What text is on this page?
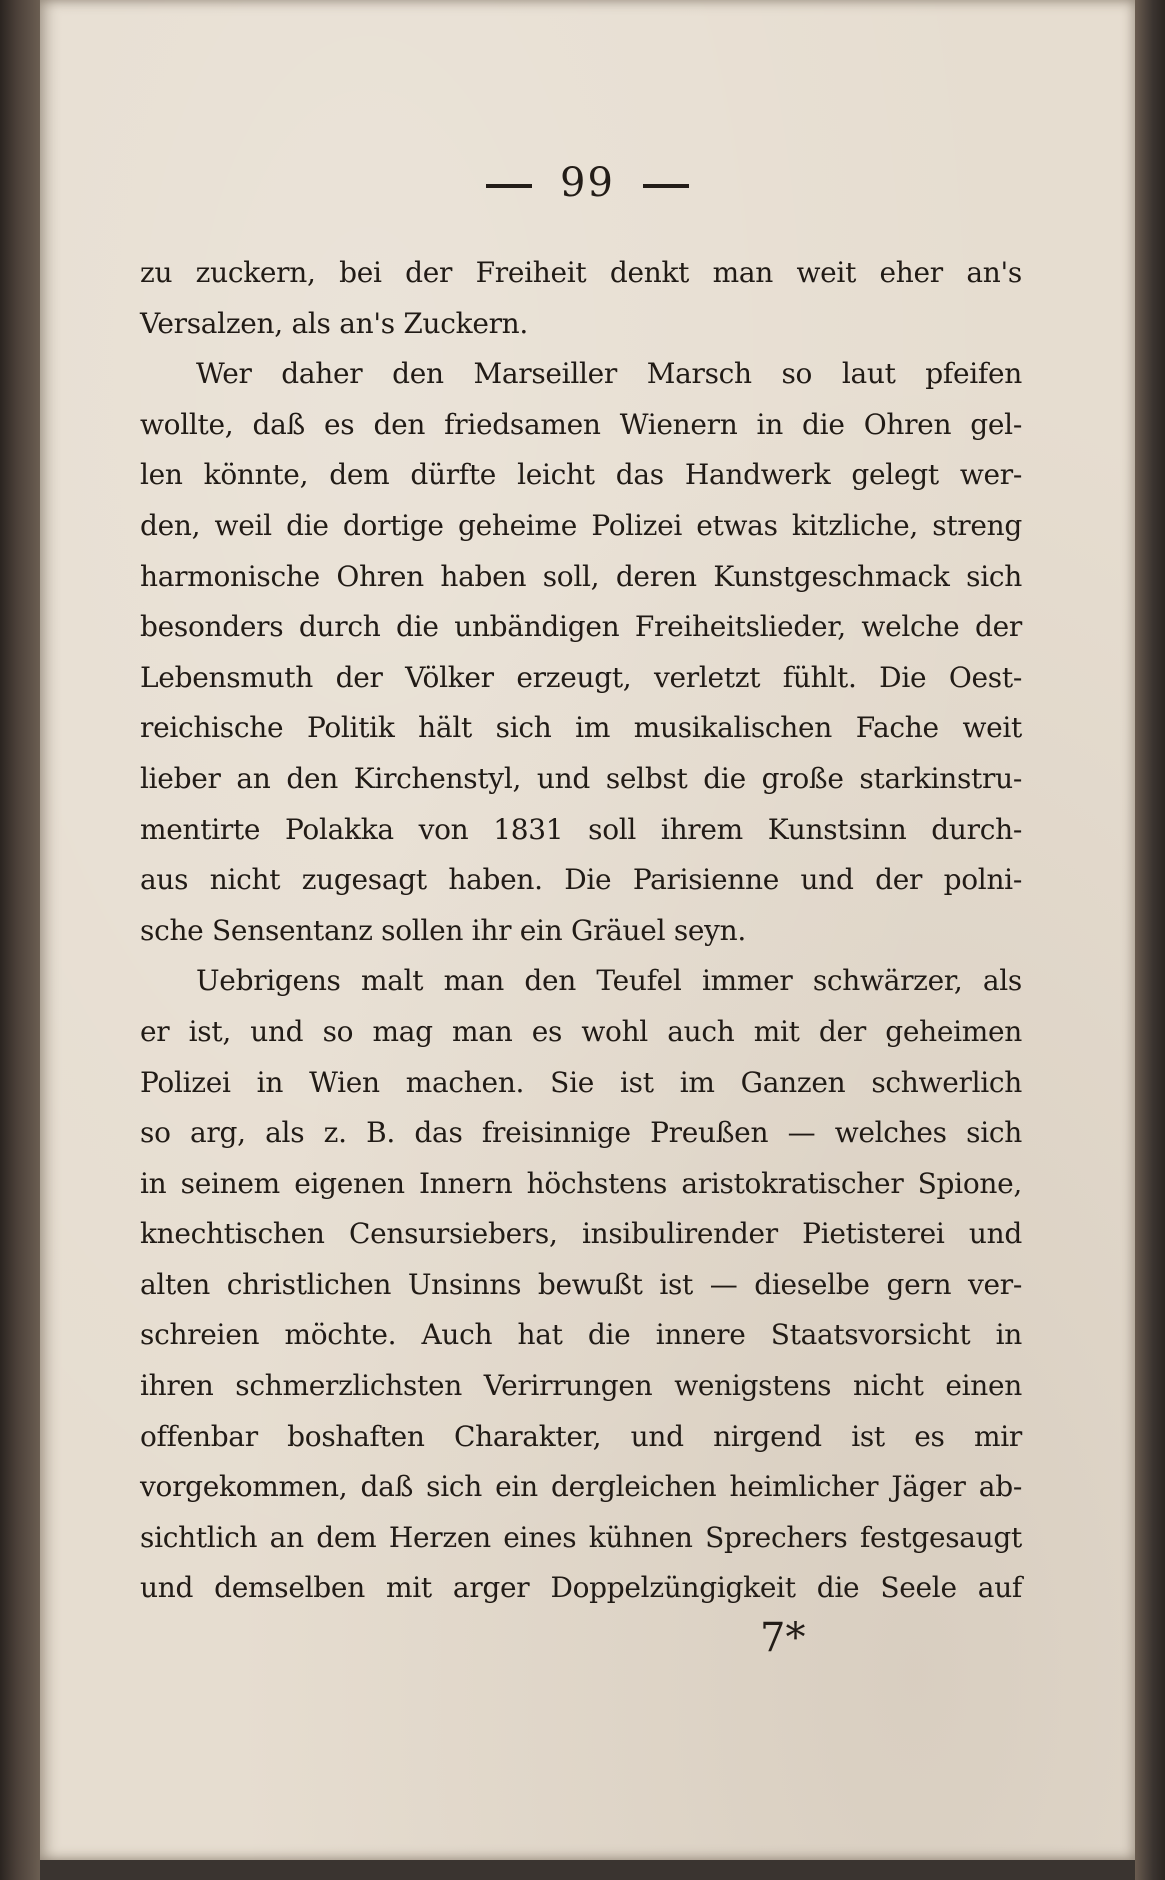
99
zu zuckern, bei der Freiheit denkt man weit eher an's
Versalzen, als an's Zuckern.
Wer daher den Marseiller Marsch so laut pfeifen
wollte, daß es den friedsamen Wienern in die Ohren gel-
len könnte, dem dürfte leicht das Handwerk gelegt wer-
den, weil die dortige geheime Polizei etwas kitzliche, streng
harmonische Ohren haben soll, deren Kunstgeschmack sich
besonders durch die unbändigen Freiheitslieder, welche der
Lebensmuth der Völker erzeugt, verletzt fühlt. Die Oest-
reichische Politik hält sich im musikalischen Fache weit
lieber an den Kirchenstyl, und selbst die große starkinstru-
mentirte Polakka von 1831 soll ihrem Kunstsinn durch-
aus nicht zugesagt haben. Die Parisienne und der polni-
sche Sensentanz sollen ihr ein Gräuel seyn.
Uebrigens malt man den Teufel immer schwärzer, als
er ist, und so mag man es wohl auch mit der geheimen
Polizei in Wien machen. Sie ist im Ganzen schwerlich
so arg, als z. B. das freisinnige Preußen — welches sich
in seinem eigenen Innern höchstens aristokratischer Spione,
knechtischen Censursiebers, insibulirender Pietisterei und
alten christlichen Unsinns bewußt ist — dieselbe gern ver-
schreien möchte. Auch hat die innere Staatsvorsicht in
ihren schmerzlichsten Verirrungen wenigstens nicht einen
offenbar boshaften Charakter, und nirgend ist es mir
vorgekommen, daß sich ein dergleichen heimlicher Jäger ab-
sichtlich an dem Herzen eines kühnen Sprechers festgesaugt
und demselben mit arger Doppelzüngigkeit die Seele auf
7*
